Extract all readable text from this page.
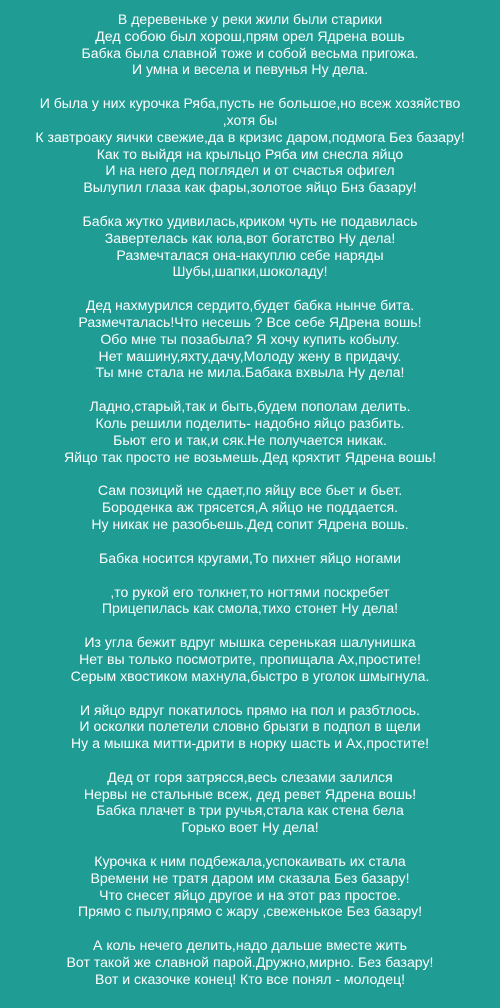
В деревеньке у реки жили были старики
Дед собою был хорош,прям орел Ядрена вошь
Бабка была славной тоже и собой весьма пригожа.
И умна и весела и певунья Ну дела.
И была у них курочка Ряба,пусть не большое,но всеж хозяйство
,хотя бы
К завтроаку яички свежие,да в кризис даром,подмога Без базару!
Как то выйдя на крыльцо Ряба им снесла яйцо
И на него дед поглядел и от счастья офигел
Вылупил глаза как фары,золотое яйцо Бнз базару!
Бабка жутко удивилась,криком чуть не подавилась
Завертелась как юла,вот богатство Ну дела!
Размечталася она-накуплю себе наряды
Шубы,шапки,шоколаду!
Дед нахмурился сердито,будет бабка нынче бита.
Размечталась!Что несешь ? Все себе ЯДрена вошь!
Обо мне ты позабыла? Я хочу купить кобылу.
Нет машину,яхту,дачу,Молоду жену в придачу.
Ты мне стала не мила.Бабака вхвыла Ну дела!
Ладно,старый,так и быть,будем пополам делить.
Коль решили поделить- надобно яйцо разбить.
Бьют его и так,и сяк.Не получается никак.
Яйцо так просто не возьмешь.Дед кряхтит Ядрена вошь!
Сам позиций не сдает,по яйцу все бьет и бьет.
Бороденка аж трясется,А яйцо не поддается.
Ну никак не разобьешь.Дед сопит Ядрена вошь.
Бабка носится кругами,То пихнет яйцо ногами
,то рукой его толкнет,то ногтями поскребет
Прицепилась как смола,тихо стонет Ну дела!
Из угла бежит вдруг мышка серенькая шалунишка
Нет вы только посмотрите, пропищала Ах,простите!
Серым хвостиком махнула,быстро в уголок шмыгнула.
И яйцо вдруг покатилось прямо на пол и разбтлось.
И осколки полетели словно брызги в подпол в щели
Ну а мышка митти-дрити в норку шасть и Ах,простите!
Дед от горя затрясся,весь слезами залился
Нервы не стальные всеж, дед ревет Ядрена вошь!
Бабка плачет в три ручья,стала как стена бела
Горько воет Ну дела!
Курочка к ним подбежала,успокаивать их стала
Времени не тратя даром им сказала Без базару!
Что снесет яйцо другое и на этот раз простое.
Прямо с пылу,прямо с жару ,свеженькое Без базару!
А коль нечего делить,надо дальше вместе жить
Вот такой же славной парой.Дружно,мирно. Без базару!
Вот и сказочке конец! Кто все понял - молодец!
